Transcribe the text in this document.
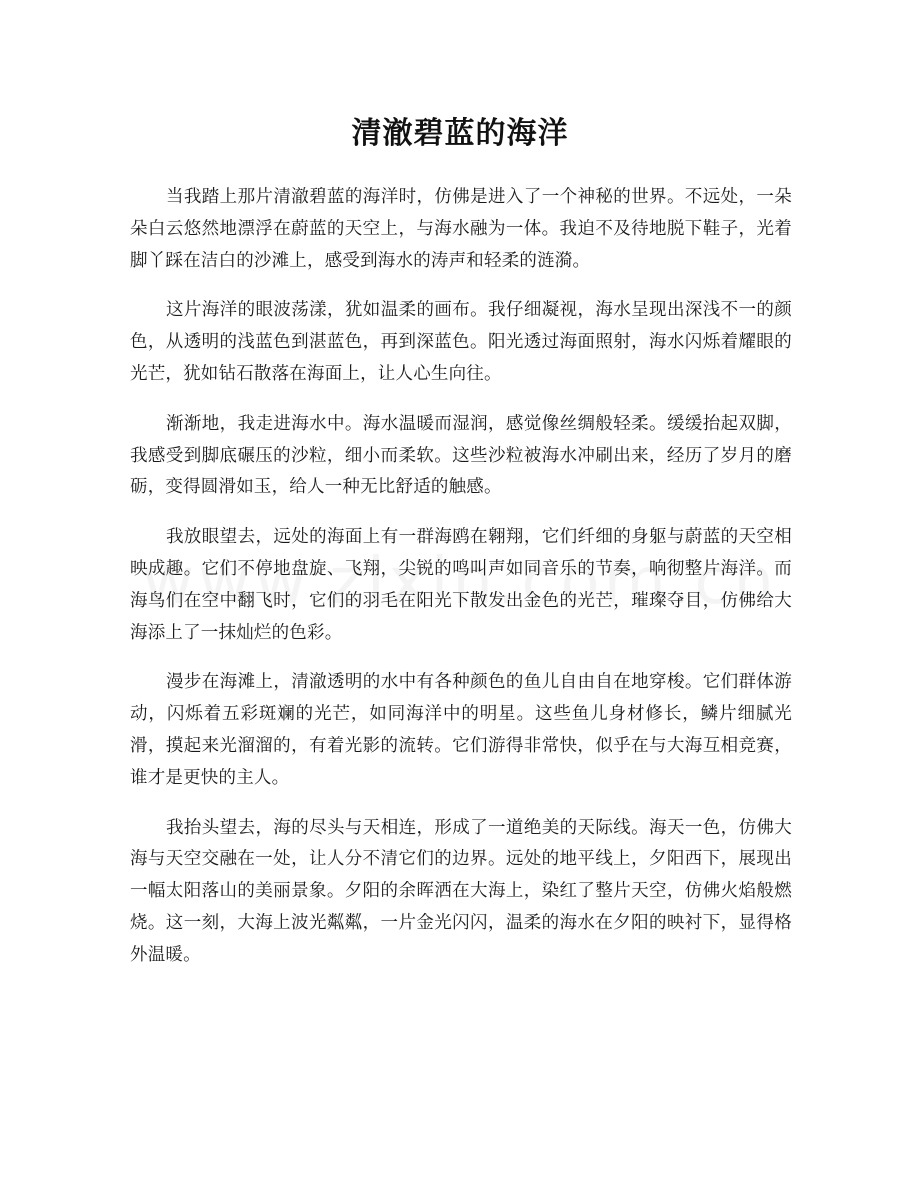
清澈碧蓝的海洋

当我踏上那片清澈碧蓝的海洋时，仿佛是进入了一个神秘的世界。不远处，一朵朵白云悠然地漂浮在蔚蓝的天空上，与海水融为一体。我迫不及待地脱下鞋子，光着脚丫踩在洁白的沙滩上，感受到海水的涛声和轻柔的涟漪。

这片海洋的眼波荡漾，犹如温柔的画布。我仔细凝视，海水呈现出深浅不一的颜色，从透明的浅蓝色到湛蓝色，再到深蓝色。阳光透过海面照射，海水闪烁着耀眼的光芒，犹如钻石散落在海面上，让人心生向往。

渐渐地，我走进海水中。海水温暖而湿润，感觉像丝绸般轻柔。缓缓抬起双脚，我感受到脚底碾压的沙粒，细小而柔软。这些沙粒被海水冲刷出来，经历了岁月的磨砺，变得圆滑如玉，给人一种无比舒适的触感。

我放眼望去，远处的海面上有一群海鸥在翱翔，它们纤细的身躯与蔚蓝的天空相映成趣。它们不停地盘旋、飞翔，尖锐的鸣叫声如同音乐的节奏，响彻整片海洋。而海鸟们在空中翻飞时，它们的羽毛在阳光下散发出金色的光芒，璀璨夺目，仿佛给大海添上了一抹灿烂的色彩。

漫步在海滩上，清澈透明的水中有各种颜色的鱼儿自由自在地穿梭。它们群体游动，闪烁着五彩斑斓的光芒，如同海洋中的明星。这些鱼儿身材修长，鳞片细腻光滑，摸起来光溜溜的，有着光影的流转。它们游得非常快，似乎在与大海互相竞赛，谁才是更快的主人。

我抬头望去，海的尽头与天相连，形成了一道绝美的天际线。海天一色，仿佛大海与天空交融在一处，让人分不清它们的边界。远处的地平线上，夕阳西下，展现出一幅太阳落山的美丽景象。夕阳的余晖洒在大海上，染红了整片天空，仿佛火焰般燃烧。这一刻，大海上波光粼粼，一片金光闪闪，温柔的海水在夕阳的映衬下，显得格外温暖。
